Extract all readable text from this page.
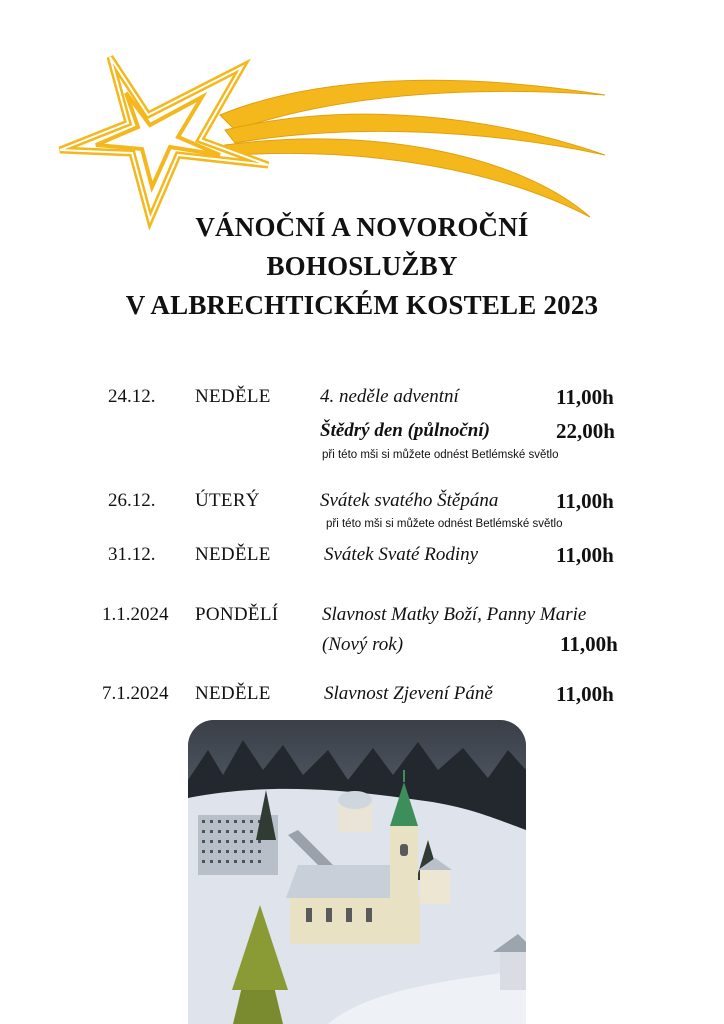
VÁNOČNÍ A NOVOROČNÍ
BOHOSLUŽBY
V ALBRECHTICKÉM KOSTELE 2023
24.12. NEDĚLE	4. neděle adventní	11,00h
Štědrý den (půlnoční)	22,00h
při této mši si můžete odnést Betlémské světlo
26.12. ÚTERÝ	Svátek svatého Štěpána	11,00h
při této mši si můžete odnést Betlémské světlo
31.12. NEDĚLE	Svátek Svaté Rodiny	11,00h
1.1.2024 PONDĚLÍ Slavnost Matky Boží, Panny Marie
(Nový rok)	11,00h
7.1.2024 NEDĚLE	Slavnost Zjevení Páně	11,00h
